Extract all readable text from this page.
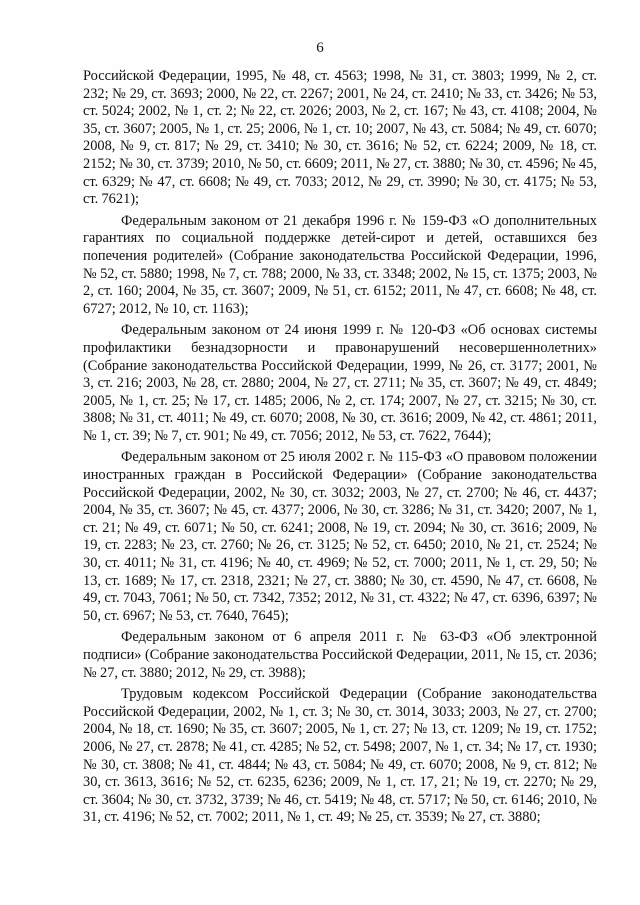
6

Российской Федерации, 1995, № 48, ст. 4563; 1998, № 31, ст. 3803; 1999, № 2, ст. 232; № 29, ст. 3693; 2000, № 22, ст. 2267; 2001, № 24, ст. 2410; № 33, ст. 3426; № 53, ст. 5024; 2002, № 1, ст. 2; № 22, ст. 2026; 2003, № 2, ст. 167; № 43, ст. 4108; 2004, № 35, ст. 3607; 2005, № 1, ст. 25; 2006, № 1, ст. 10; 2007, № 43, ст. 5084; № 49, ст. 6070; 2008, № 9, ст. 817; № 29, ст. 3410; № 30, ст. 3616; № 52, ст. 6224; 2009, № 18, ст. 2152; № 30, ст. 3739; 2010, № 50, ст. 6609; 2011, № 27, ст. 3880; № 30, ст. 4596; № 45, ст. 6329; № 47, ст. 6608; № 49, ст. 7033; 2012, № 29, ст. 3990; № 30, ст. 4175; № 53, ст. 7621);

Федеральным законом от 21 декабря 1996 г. № 159-ФЗ «О дополнительных гарантиях по социальной поддержке детей-сирот и детей, оставшихся без попечения родителей» (Собрание законодательства Российской Федерации, 1996, № 52, ст. 5880; 1998, № 7, ст. 788; 2000, № 33, ст. 3348; 2002, № 15, ст. 1375; 2003, № 2, ст. 160; 2004, № 35, ст. 3607; 2009, № 51, ст. 6152; 2011, № 47, ст. 6608; № 48, ст. 6727; 2012, № 10, ст. 1163);

Федеральным законом от 24 июня 1999 г. № 120-ФЗ «Об основах системы профилактики безнадзорности и правонарушений несовершеннолетних» (Собрание законодательства Российской Федерации, 1999, № 26, ст. 3177; 2001, № 3, ст. 216; 2003, № 28, ст. 2880; 2004, № 27, ст. 2711; № 35, ст. 3607; № 49, ст. 4849; 2005, № 1, ст. 25; № 17, ст. 1485; 2006, № 2, ст. 174; 2007, № 27, ст. 3215; № 30, ст. 3808; № 31, ст. 4011; № 49, ст. 6070; 2008, № 30, ст. 3616; 2009, № 42, ст. 4861; 2011, № 1, ст. 39; № 7, ст. 901; № 49, ст. 7056; 2012, № 53, ст. 7622, 7644);

Федеральным законом от 25 июля 2002 г. № 115-ФЗ «О правовом положении иностранных граждан в Российской Федерации» (Собрание законодательства Российской Федерации, 2002, № 30, ст. 3032; 2003, № 27, ст. 2700; № 46, ст. 4437; 2004, № 35, ст. 3607; № 45, ст. 4377; 2006, № 30, ст. 3286; № 31, ст. 3420; 2007, № 1, ст. 21; № 49, ст. 6071; № 50, ст. 6241; 2008, № 19, ст. 2094; № 30, ст. 3616; 2009, № 19, ст. 2283; № 23, ст. 2760; № 26, ст. 3125; № 52, ст. 6450; 2010, № 21, ст. 2524; № 30, ст. 4011; № 31, ст. 4196; № 40, ст. 4969; № 52, ст. 7000; 2011, № 1, ст. 29, 50; № 13, ст. 1689; № 17, ст. 2318, 2321; № 27, ст. 3880; № 30, ст. 4590, № 47, ст. 6608, № 49, ст. 7043, 7061; № 50, ст. 7342, 7352; 2012, № 31, ст. 4322; № 47, ст. 6396, 6397; № 50, ст. 6967; № 53, ст. 7640, 7645);

Федеральным законом от 6 апреля 2011 г. № 63-ФЗ «Об электронной подписи» (Собрание законодательства Российской Федерации, 2011, № 15, ст. 2036; № 27, ст. 3880; 2012, № 29, ст. 3988);

Трудовым кодексом Российской Федерации (Собрание законодательства Российской Федерации, 2002, № 1, ст. 3; № 30, ст. 3014, 3033; 2003, № 27, ст. 2700; 2004, № 18, ст. 1690; № 35, ст. 3607; 2005, № 1, ст. 27; № 13, ст. 1209; № 19, ст. 1752; 2006, № 27, ст. 2878; № 41, ст. 4285; № 52, ст. 5498; 2007, № 1, ст. 34; № 17, ст. 1930; № 30, ст. 3808; № 41, ст. 4844; № 43, ст. 5084; № 49, ст. 6070; 2008, № 9, ст. 812; № 30, ст. 3613, 3616; № 52, ст. 6235, 6236; 2009, № 1, ст. 17, 21; № 19, ст. 2270; № 29, ст. 3604; № 30, ст. 3732, 3739; № 46, ст. 5419; № 48, ст. 5717; № 50, ст. 6146; 2010, № 31, ст. 4196; № 52, ст. 7002; 2011, № 1, ст. 49; № 25, ст. 3539; № 27, ст. 3880;
